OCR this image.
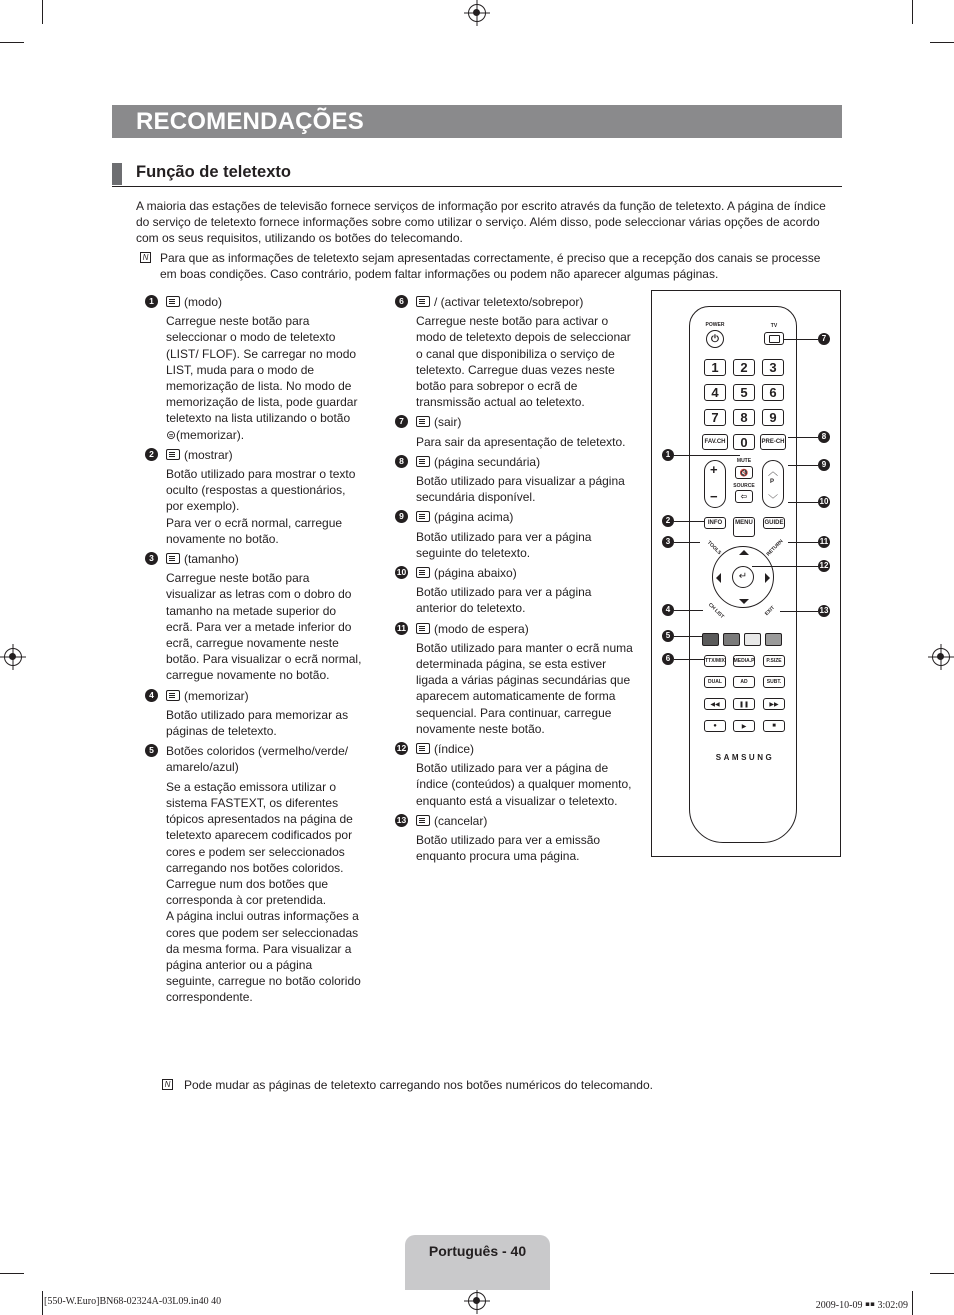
RECOMENDAÇÕES
Função de teletexto
A maioria das estações de televisão fornece serviços de informação por escrito através da função de teletexto. A página de índice do serviço de teletexto fornece informações sobre como utilizar o serviço. Além disso, pode seleccionar várias opções de acordo com os seus requisitos, utilizando os botões do telecomando.
N Para que as informações de teletexto sejam apresentadas correctamente, é preciso que a recepção dos canais se processe em boas condições. Caso contrário, podem faltar informações ou podem não aparecer algumas páginas.
1	(modo)

Carregue neste botão para seleccionar o modo de teletexto (LIST/ FLOF). Se carregar no modo LIST, muda para o modo de memorização de lista. No modo de memorização de lista, pode guardar teletexto na lista utilizando o botão ⊜(memorizar).

2	(mostrar)

Botão utilizado para mostrar o texto oculto (respostas a questionários, por exemplo).

Para ver o ecrã normal, carregue novamente no botão.

3	(tamanho)

Carregue neste botão para visualizar as letras com o dobro do tamanho na metade superior do ecrã. Para ver a metade inferior do ecrã, carregue novamente neste botão. Para visualizar o ecrã normal, carregue novamente no botão.

4	(memorizar)

Botão utilizado para memorizar as páginas de teletexto.

5	Botões coloridos (vermelho/verde/ amarelo/azul)

Se a estação emissora utilizar o sistema FASTEXT, os diferentes tópicos apresentados na página de teletexto aparecem codificados por cores e podem ser seleccionados carregando nos botões coloridos.

Carregue num dos botões que corresponda à cor pretendida.

A página inclui outras informações a cores que podem ser seleccionadas da mesma forma. Para visualizar a página anterior ou a página seguinte, carregue no botão colorido correspondente.

6	/ (activar teletexto/sobrepor)

Carregue neste botão para activar o modo de teletexto depois de seleccionar o canal que disponibiliza o serviço de teletexto. Carregue duas vezes neste botão para sobrepor o ecrã de transmissão actual ao teletexto.

7	(sair)

Para sair da apresentação de teletexto.

8	(página secundária)

Botão utilizado para visualizar a página secundária disponível.

9	(página acima)

Botão utilizado para ver a página seguinte do teletexto.

10	(página abaixo)

Botão utilizado para ver a página anterior do teletexto.

11	(modo de espera)

Botão utilizado para manter o ecrã numa determinada página, se esta estiver ligada a várias páginas secundárias que aparecem automaticamente de forma sequencial. Para continuar, carregue novamente neste botão.

12	(índice)

Botão utilizado para ver a página de índice (conteúdos) a qualquer momento, enquanto está a visualizar o teletexto.

13	(cancelar)

Botão utilizado para ver a emissão enquanto procura uma página.

POWER
⏻
TV
1	2	3
4	5	6
7	8	9
FAV.CH	0	PRE-CH
+
−
MUTE
🔇
SOURCE
⇦
︿
P
﹀
INFO	MENU	GUIDE
TOOLS	RETURN
↵
CH LIST	EXIT
TTX/MIX MEDIA.P	P.SIZE
DUAL	AD	SUBT.
◀◀	❚❚	▶▶
●	▶	■
SAMSUNG
7
8
9
10
11
12
13
1
2
3
4
5
6
N	Pode mudar as páginas de teletexto carregando nos botões numéricos do telecomando.
Português - 40
[550-W.Euro]BN68-02324A-03L09.in40 40	2009-10-09 ￭￭ 3:02:09
